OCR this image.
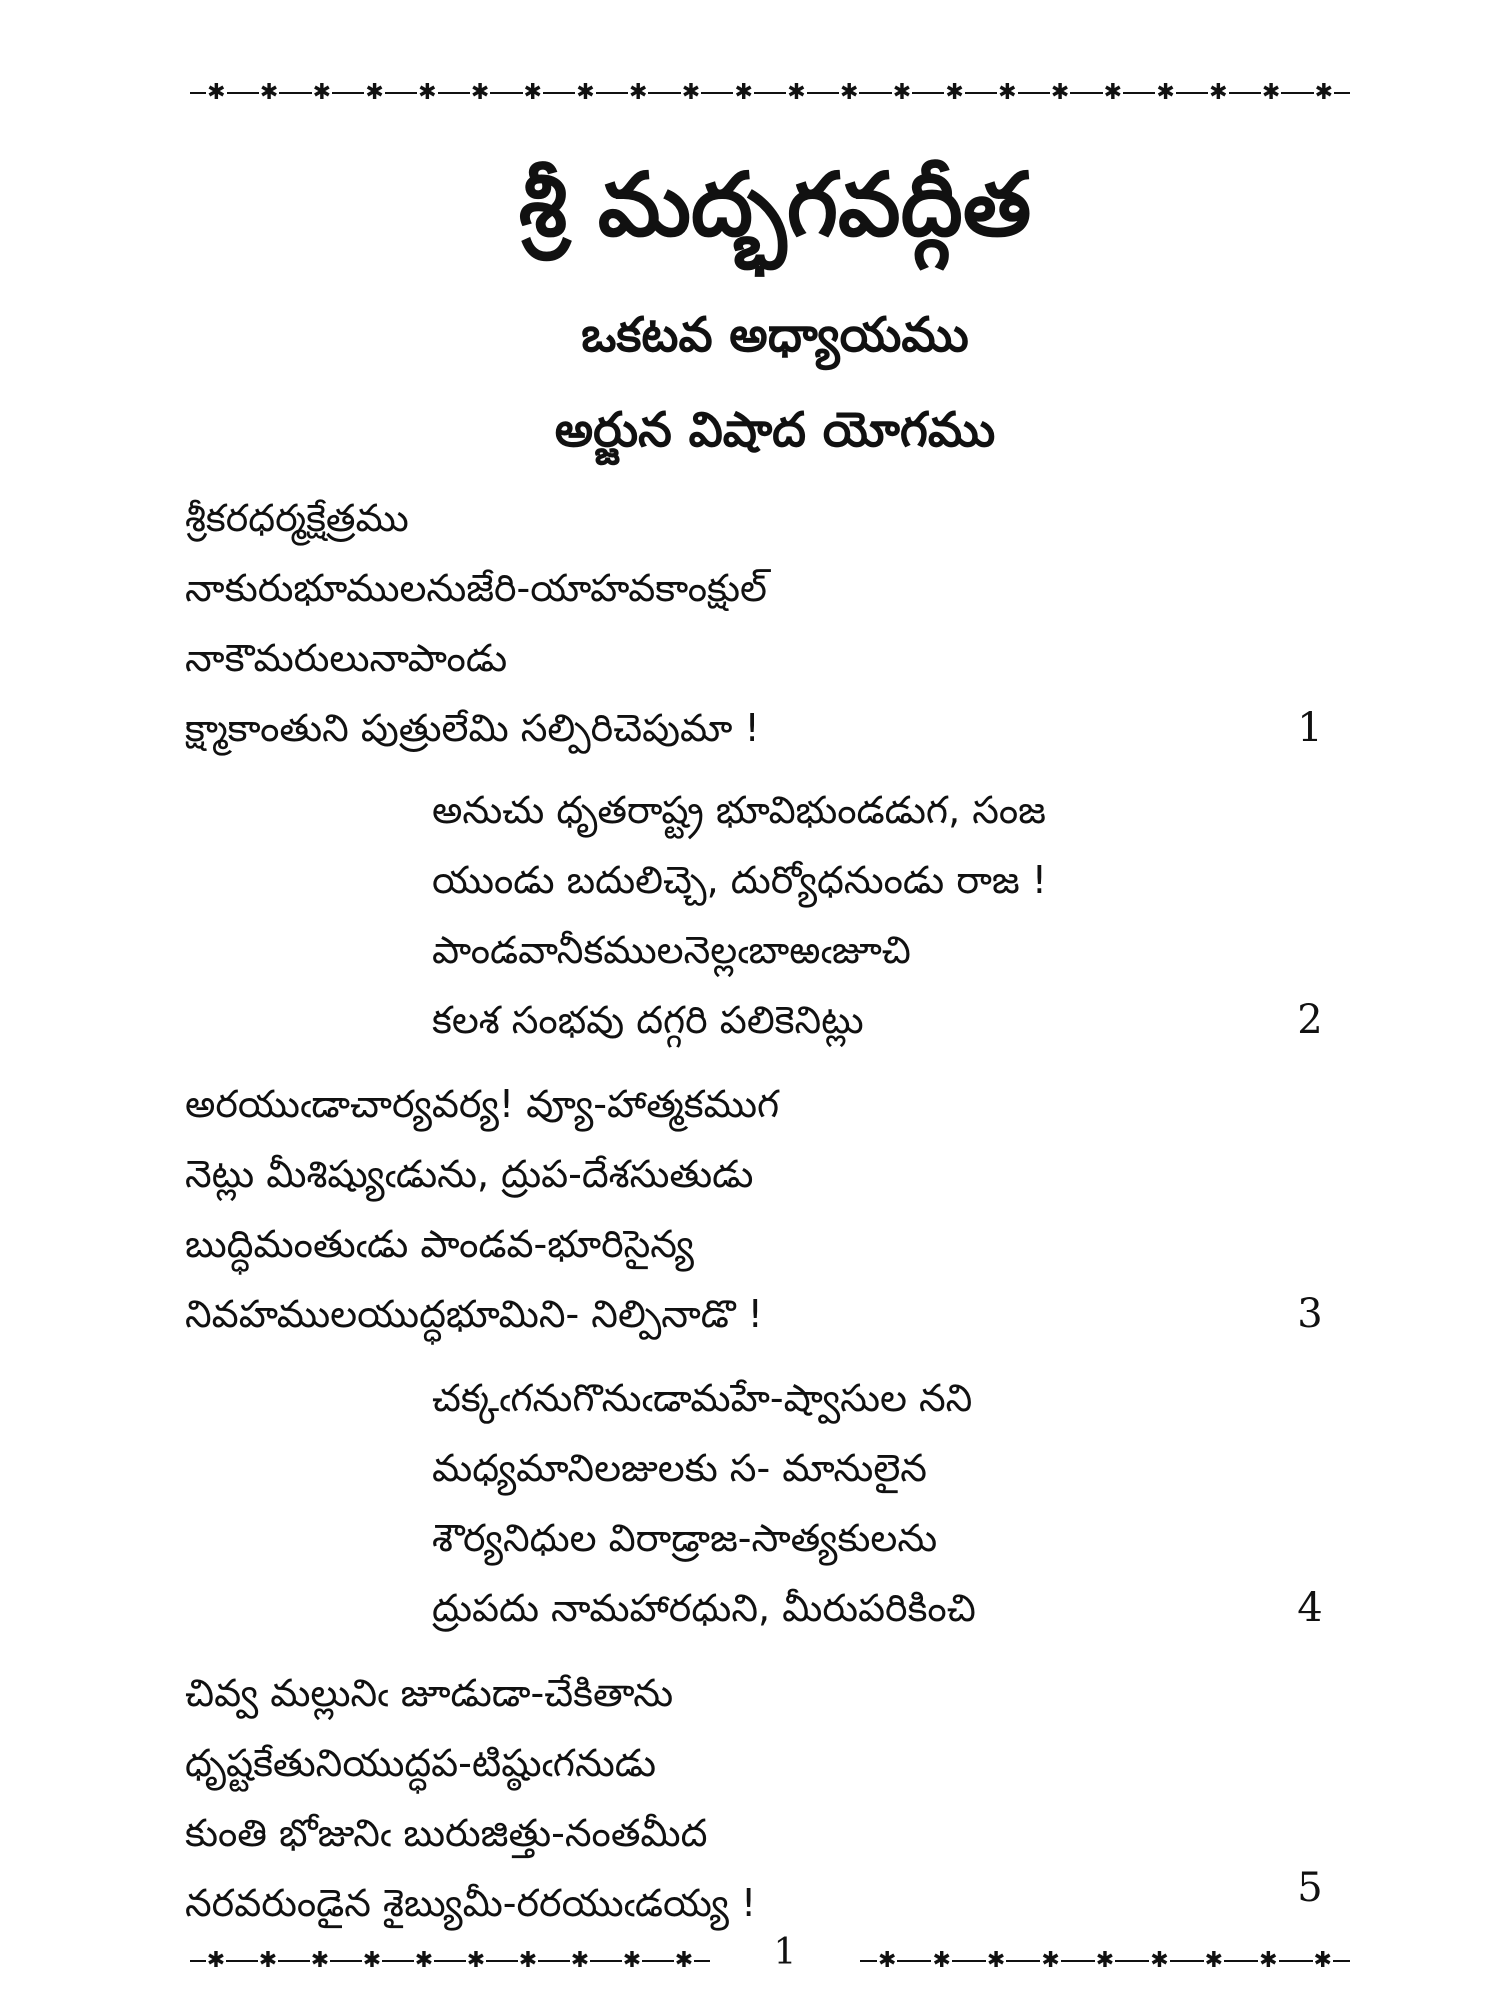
✱	✱	✱	✱	✱	✱	✱	✱	✱	✱	✱	✱	✱	✱	✱	✱	✱	✱	✱	✱	✱	✱
శ్రీ మద్భగవద్గీత
ఒకటవ అధ్యాయము
అర్జున విషాద యోగము
శ్రీకరధర్మక్షేత్రము
నాకురుభూములనుజేరి-యాహవకాంక్షుల్
నాకౌమరులునాపాండు
క్ష్మాకాంతుని పుత్రులేమి సల్పిరిచెపుమా !	1
అనుచు ధృతరాష్ట్ర భూవిభుండడుగ, సంజ
యుండు బదులిచ్చె, దుర్యోధనుండు రాజ !
పాండవానీకములనెల్లఁబాఱఁజూచి
కలశ సంభవు దగ్గరి పలికెనిట్లు	2
అరయుఁడాచార్యవర్య! వ్యూ-హాత్మకముగ
నెట్లు మీశిష్యుఁడును, ద్రుప-దేశసుతుడు
బుద్ధిమంతుఁడు పాండవ-భూరిసైన్య
నివహములయుద్ధభూమిని- నిల్పినాడొ !	3
చక్కఁగనుగొనుఁడామహే-ష్వాసుల నని
మధ్యమానిలజులకు స- మానులైన
శౌర్యనిధుల విరాడ్రాజ-సాత్యకులను
ద్రుపదు నామహారధుని, మీరుపరికించి	4
చివ్వ మల్లునిఁ జూడుడా-చేకితాను
ధృష్టకేతునియుద్ధప-టిష్ఠుఁగనుడు
కుంతి భోజునిఁ బురుజిత్తు-నంతమీద
నరవరుండైన శైబ్యుమీ-రరయుఁడయ్య !	5
✱	✱	✱	✱	✱	✱	✱	✱	✱	✱	1	✱	✱	✱	✱	✱	✱	✱	✱	✱
